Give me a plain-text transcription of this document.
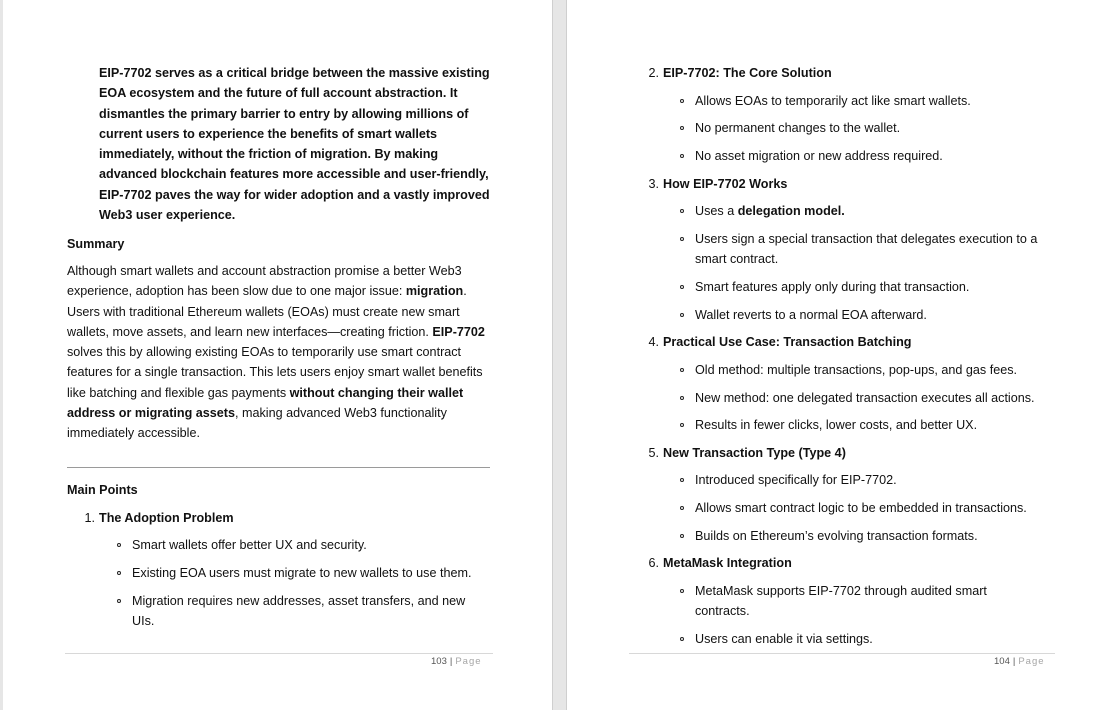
EIP-7702 serves as a critical bridge between the massive existing EOA ecosystem and the future of full account abstraction. It dismantles the primary barrier to entry by allowing millions of current users to experience the benefits of smart wallets immediately, without the friction of migration. By making advanced blockchain features more accessible and user-friendly, EIP-7702 paves the way for wider adoption and a vastly improved Web3 user experience.
Summary
Although smart wallets and account abstraction promise a better Web3 experience, adoption has been slow due to one major issue: migration. Users with traditional Ethereum wallets (EOAs) must create new smart wallets, move assets, and learn new interfaces—creating friction. EIP-7702 solves this by allowing existing EOAs to temporarily use smart contract features for a single transaction. This lets users enjoy smart wallet benefits like batching and flexible gas payments without changing their wallet address or migrating assets, making advanced Web3 functionality immediately accessible.
Main Points
1. The Adoption Problem
Smart wallets offer better UX and security.
Existing EOA users must migrate to new wallets to use them.
Migration requires new addresses, asset transfers, and new UIs.
103 | Page
2. EIP-7702: The Core Solution
Allows EOAs to temporarily act like smart wallets.
No permanent changes to the wallet.
No asset migration or new address required.
3. How EIP-7702 Works
Uses a delegation model.
Users sign a special transaction that delegates execution to a smart contract.
Smart features apply only during that transaction.
Wallet reverts to a normal EOA afterward.
4. Practical Use Case: Transaction Batching
Old method: multiple transactions, pop-ups, and gas fees.
New method: one delegated transaction executes all actions.
Results in fewer clicks, lower costs, and better UX.
5. New Transaction Type (Type 4)
Introduced specifically for EIP-7702.
Allows smart contract logic to be embedded in transactions.
Builds on Ethereum’s evolving transaction formats.
6. MetaMask Integration
MetaMask supports EIP-7702 through audited smart contracts.
Users can enable it via settings.
104 | Page
